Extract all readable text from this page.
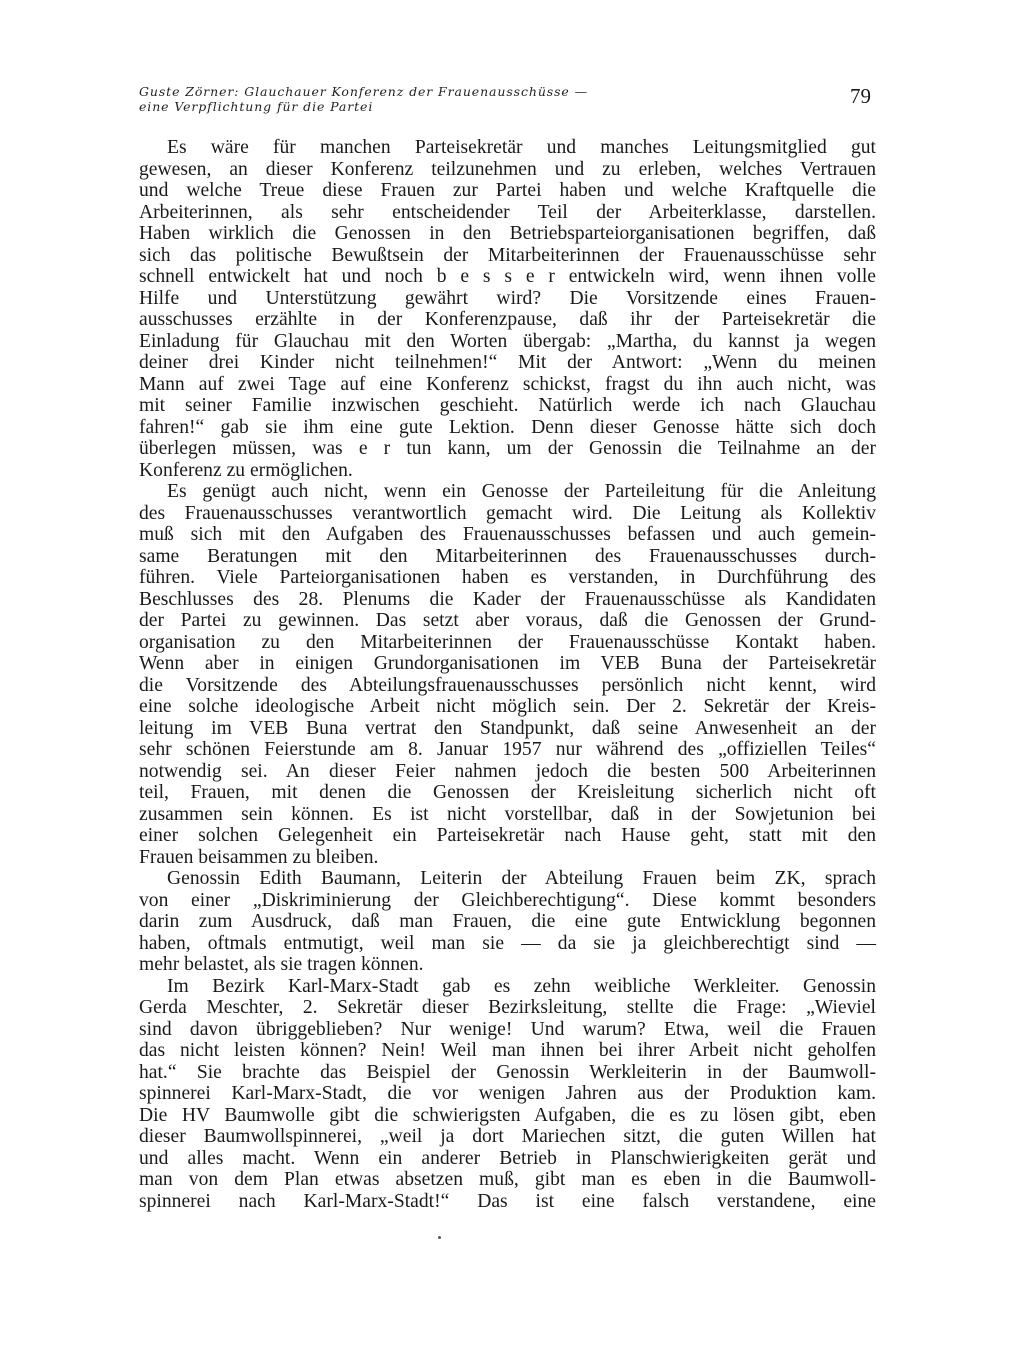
Guste Zörner: Glauchauer Konferenz der Frauenausschüsse —
eine Verpflichtung für die Partei	79
Es wäre für manchen Parteisekretär und manches Leitungsmitglied gut
gewesen, an dieser Konferenz teilzunehmen und zu erleben, welches Vertrauen
und welche Treue diese Frauen zur Partei haben und welche Kraftquelle die
Arbeiterinnen, als sehr entscheidender Teil der Arbeiterklasse, darstellen.
Haben wirklich die Genossen in den Betriebsparteiorganisationen begriffen, daß
sich das politische Bewußtsein der Mitarbeiterinnen der Frauenausschüsse sehr
schnell entwickelt hat und noch b e s s e r entwickeln wird, wenn ihnen volle
Hilfe und Unterstützung gewährt wird? Die Vorsitzende eines Frauen-
ausschusses erzählte in der Konferenzpause, daß ihr der Parteisekretär die
Einladung für Glauchau mit den Worten übergab: „Martha, du kannst ja wegen
deiner drei Kinder nicht teilnehmen!“ Mit der Antwort: „Wenn du meinen
Mann auf zwei Tage auf eine Konferenz schickst, fragst du ihn auch nicht, was
mit seiner Familie inzwischen geschieht. Natürlich werde ich nach Glauchau
fahren!“ gab sie ihm eine gute Lektion. Denn dieser Genosse hätte sich doch
überlegen müssen, was e r tun kann, um der Genossin die Teilnahme an der
Konferenz zu ermöglichen.
Es genügt auch nicht, wenn ein Genosse der Parteileitung für die Anleitung
des Frauenausschusses verantwortlich gemacht wird. Die Leitung als Kollektiv
muß sich mit den Aufgaben des Frauenausschusses befassen und auch gemein-
same Beratungen mit den Mitarbeiterinnen des Frauenausschusses durch-
führen. Viele Parteiorganisationen haben es verstanden, in Durchführung des
Beschlusses des 28. Plenums die Kader der Frauenausschüsse als Kandidaten
der Partei zu gewinnen. Das setzt aber voraus, daß die Genossen der Grund-
organisation zu den Mitarbeiterinnen der Frauenausschüsse Kontakt haben.
Wenn aber in einigen Grundorganisationen im VEB Buna der Parteisekretär
die Vorsitzende des Abteilungsfrauenausschusses persönlich nicht kennt, wird
eine solche ideologische Arbeit nicht möglich sein. Der 2. Sekretär der Kreis-
leitung im VEB Buna vertrat den Standpunkt, daß seine Anwesenheit an der
sehr schönen Feierstunde am 8. Januar 1957 nur während des „offiziellen Teiles“
notwendig sei. An dieser Feier nahmen jedoch die besten 500 Arbeiterinnen
teil, Frauen, mit denen die Genossen der Kreisleitung sicherlich nicht oft
zusammen sein können. Es ist nicht vorstellbar, daß in der Sowjetunion bei
einer solchen Gelegenheit ein Parteisekretär nach Hause geht, statt mit den
Frauen beisammen zu bleiben.
Genossin Edith Baumann, Leiterin der Abteilung Frauen beim ZK, sprach
von einer „Diskriminierung der Gleichberechtigung“. Diese kommt besonders
darin zum Ausdruck, daß man Frauen, die eine gute Entwicklung begonnen
haben, oftmals entmutigt, weil man sie — da sie ja gleichberechtigt sind —
mehr belastet, als sie tragen können.
Im Bezirk Karl-Marx-Stadt gab es zehn weibliche Werkleiter. Genossin
Gerda Meschter, 2. Sekretär dieser Bezirksleitung, stellte die Frage: „Wieviel
sind davon übriggeblieben? Nur wenige! Und warum? Etwa, weil die Frauen
das nicht leisten können? Nein! Weil man ihnen bei ihrer Arbeit nicht geholfen
hat.“ Sie brachte das Beispiel der Genossin Werkleiterin in der Baumwoll-
spinnerei Karl-Marx-Stadt, die vor wenigen Jahren aus der Produktion kam.
Die HV Baumwolle gibt die schwierigsten Aufgaben, die es zu lösen gibt, eben
dieser Baumwollspinnerei, „weil ja dort Mariechen sitzt, die guten Willen hat
und alles macht. Wenn ein anderer Betrieb in Planschwierigkeiten gerät und
man von dem Plan etwas absetzen muß, gibt man es eben in die Baumwoll-
spinnerei nach Karl-Marx-Stadt!“ Das ist eine falsch verstandene, eine
